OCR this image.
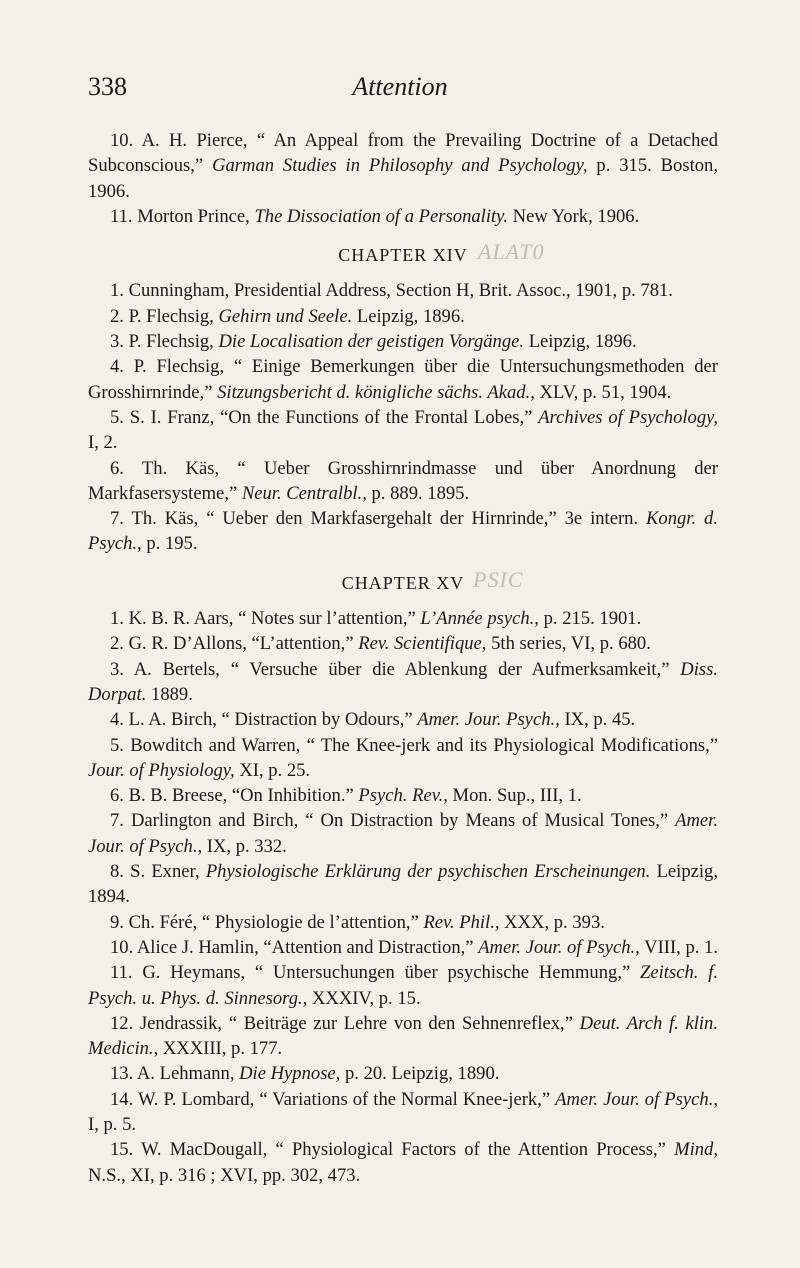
338	Attention

10. A. H. Pierce, “ An Appeal from the Prevailing Doctrine of a Detached Subconscious,” Garman Studies in Philosophy and Psychology, p. 315. Boston, 1906.

11. Morton Prince, The Dissociation of a Personality. New York, 1906.

CHAPTER XIV ALAT0

1. Cunningham, Presidential Address, Section H, Brit. Assoc., 1901, p. 781.

2. P. Flechsig, Gehirn und Seele. Leipzig, 1896.

3. P. Flechsig, Die Localisation der geistigen Vorgänge. Leipzig, 1896.

4. P. Flechsig, “ Einige Bemerkungen über die Untersuchungsmethoden der Grosshirnrinde,” Sitzungsbericht d. königliche sächs. Akad., XLV, p. 51, 1904.

5. S. I. Franz, “On the Functions of the Frontal Lobes,” Archives of Psychology, I, 2.

6. Th. Käs, “ Ueber Grosshirnrindmasse und über Anordnung der Markfasersysteme,” Neur. Centralbl., p. 889. 1895.

7. Th. Käs, “ Ueber den Markfasergehalt der Hirnrinde,” 3e intern. Kongr. d. Psych., p. 195.

CHAPTER XV PSIC

1. K. B. R. Aars, “ Notes sur l’attention,” L’Année psych., p. 215. 1901.

2. G. R. D’Allons, “L’attention,” Rev. Scientifique, 5th series, VI, p. 680.

3. A. Bertels, “ Versuche über die Ablenkung der Aufmerksamkeit,” Diss. Dorpat. 1889.

4. L. A. Birch, “ Distraction by Odours,” Amer. Jour. Psych., IX, p. 45.

5. Bowditch and Warren, “ The Knee-jerk and its Physiological Modifications,” Jour. of Physiology, XI, p. 25.

6. B. B. Breese, “On Inhibition.” Psych. Rev., Mon. Sup., III, 1.

7. Darlington and Birch, “ On Distraction by Means of Musical Tones,” Amer. Jour. of Psych., IX, p. 332.

8. S. Exner, Physiologische Erklärung der psychischen Erscheinungen. Leipzig, 1894.

9. Ch. Féré, “ Physiologie de l’attention,” Rev. Phil., XXX, p. 393.

10. Alice J. Hamlin, “Attention and Distraction,” Amer. Jour. of Psych., VIII, p. 1.

11. G. Heymans, “ Untersuchungen über psychische Hemmung,” Zeitsch. f. Psych. u. Phys. d. Sinnesorg., XXXIV, p. 15.

12. Jendrassik, “ Beiträge zur Lehre von den Sehnenreflex,” Deut. Arch f. klin. Medicin., XXXIII, p. 177.

13. A. Lehmann, Die Hypnose, p. 20. Leipzig, 1890.

14. W. P. Lombard, “ Variations of the Normal Knee-jerk,” Amer. Jour. of Psych., I, p. 5.

15. W. MacDougall, “ Physiological Factors of the Attention Process,” Mind, N.S., XI, p. 316 ; XVI, pp. 302, 473.
